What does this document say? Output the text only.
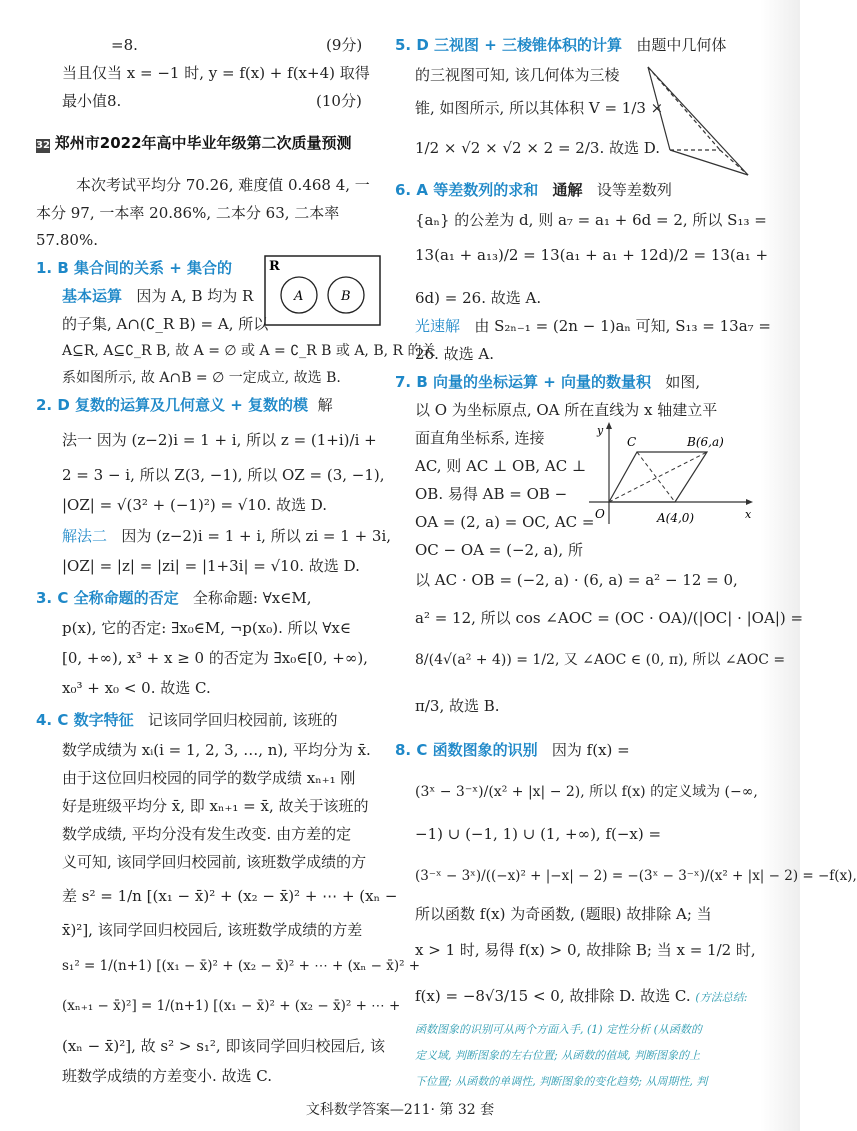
=8.	(9分)
当且仅当 x = −1 时, y = f(x) + f(x+4) 取得
最小值8.	(10分)
32 郑州市2022年高中毕业年级第二次质量预测
本次考试平均分 70.26, 难度值 0.468 4, 一
本分 97, 一本率 20.86%, 二本分 63, 二本率
57.80%.
1. B 集合间的关系 + 集合的
基本运算 因为 A, B 均为 R
的子集, A∩(∁_R B) = A, 所以
A⊆R, A⊆∁_R B, 故 A = ∅ 或 A = ∁_R B 或 A, B, R 的关
系如图所示, 故 A∩B = ∅ 一定成立, 故选 B.
R
A	B
2. D 复数的运算及几何意义 + 复数的模 解
法一 因为 (z−2)i = 1 + i, 所以 z = (1+i)/i +
2 = 3 − i, 所以 Z(3, −1), 所以 OZ = (3, −1),
|OZ| = √(3² + (−1)²) = √10. 故选 D.
解法二 因为 (z−2)i = 1 + i, 所以 zi = 1 + 3i,
|OZ| = |z| = |zi| = |1+3i| = √10. 故选 D.
3. C 全称命题的否定 全称命题: ∀x∈M,
p(x), 它的否定: ∃x₀∈M, ¬p(x₀). 所以 ∀x∈
[0, +∞), x³ + x ≥ 0 的否定为 ∃x₀∈[0, +∞),
x₀³ + x₀ < 0. 故选 C.
4. C 数字特征 记该同学回归校园前, 该班的
数学成绩为 xᵢ(i = 1, 2, 3, …, n), 平均分为 x̄.
由于这位回归校园的同学的数学成绩 xₙ₊₁ 刚
好是班级平均分 x̄, 即 xₙ₊₁ = x̄, 故关于该班的
数学成绩, 平均分没有发生改变. 由方差的定
义可知, 该同学回归校园前, 该班数学成绩的方
差 s² = 1/n [(x₁ − x̄)² + (x₂ − x̄)² + ⋯ + (xₙ −
x̄)²], 该同学回归校园后, 该班数学成绩的方差
s₁² = 1/(n+1) [(x₁ − x̄)² + (x₂ − x̄)² + ⋯ + (xₙ − x̄)² +
(xₙ₊₁ − x̄)²] = 1/(n+1) [(x₁ − x̄)² + (x₂ − x̄)² + ⋯ +
(xₙ − x̄)²], 故 s² > s₁², 即该同学回归校园后, 该
班数学成绩的方差变小. 故选 C.
5. D 三视图 + 三棱锥体积的计算 由题中几何体
的三视图可知, 该几何体为三棱
锥, 如图所示, 所以其体积 V = 1/3 ×
1/2 × √2 × √2 × 2 = 2/3. 故选 D.
6. A 等差数列的求和 通解 设等差数列
{aₙ} 的公差为 d, 则 a₇ = a₁ + 6d = 2, 所以 S₁₃ =
13(a₁ + a₁₃)/2 = 13(a₁ + a₁ + 12d)/2 = 13(a₁ +
6d) = 26. 故选 A.
光速解 由 S₂ₙ₋₁ = (2n − 1)aₙ 可知, S₁₃ = 13a₇ =
26. 故选 A.
7. B 向量的坐标运算 + 向量的数量积 如图,
以 O 为坐标原点, OA 所在直线为 x 轴建立平
面直角坐标系, 连接
AC, 则 AC ⊥ OB, AC ⊥
OB. 易得 AB = OB −
OA = (2, a) = OC, AC =
OC − OA = (−2, a), 所
以 AC · OB = (−2, a) · (6, a) = a² − 12 = 0,
a² = 12, 所以 cos ∠AOC = (OC · OA)/(|OC| · |OA|) =
8/(4√(a² + 4)) = 1/2, 又 ∠AOC ∈ (0, π), 所以 ∠AOC =
π/3, 故选 B.
y
x
O
C	B(6,a)
A(4,0)
8. C 函数图象的识别 因为 f(x) =
(3ˣ − 3⁻ˣ)/(x² + |x| − 2), 所以 f(x) 的定义域为 (−∞,
−1) ∪ (−1, 1) ∪ (1, +∞), f(−x) =
(3⁻ˣ − 3ˣ)/((−x)² + |−x| − 2) = −(3ˣ − 3⁻ˣ)/(x² + |x| − 2) = −f(x),
所以函数 f(x) 为奇函数, (题眼) 故排除 A; 当
x > 1 时, 易得 f(x) > 0, 故排除 B; 当 x = 1/2 时,
f(x) = −8√3/15 < 0, 故排除 D. 故选 C. (方法总结:
函数图象的识别可从两个方面入手, (1) 定性分析 (从函数的
定义域, 判断图象的左右位置; 从函数的值域, 判断图象的上
下位置; 从函数的单调性, 判断图象的变化趋势; 从周期性, 判
文科数学答案—211· 第 32 套
